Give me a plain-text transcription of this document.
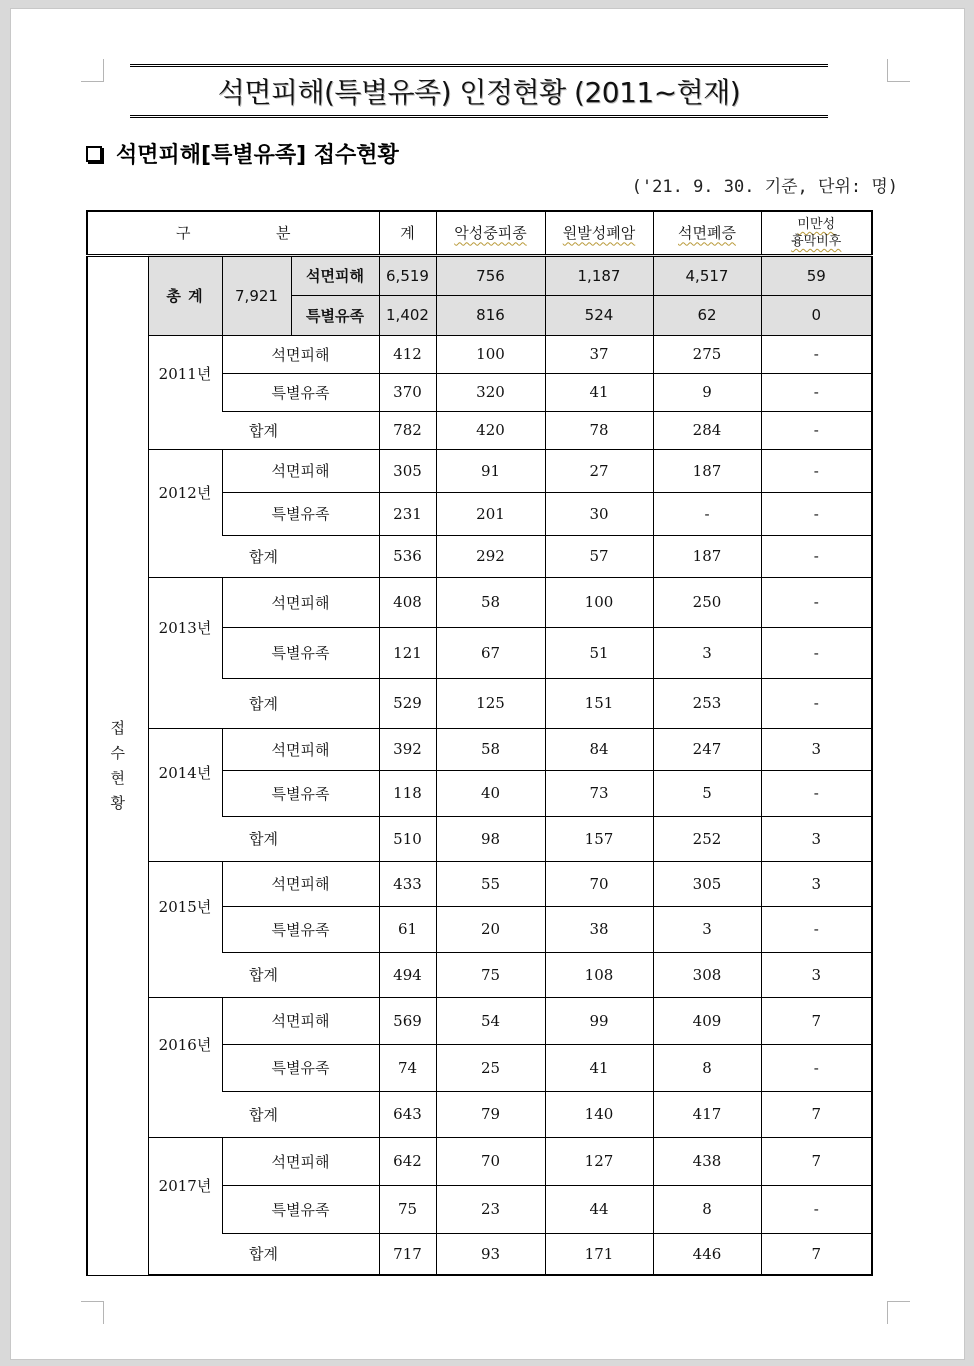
석면피해(특별유족) 인정현황 (2011~현재)
석면피해[특별유족] 접수현황
('21. 9. 30. 기준, 단위: 명)
구 분				계	악성중피종	원발성폐암	석면폐증	미만성
흉막비후

접
수
현
황	총 계	7,921	석면피해	6,519	756	1,187	4,517	59
			특별유족	1,402	816	524	62	0
	2011년	석면피해		412	100	37	275	-
		특별유족		370	320	41	9	-
	합계			782	420	78	284	-
	2012년	석면피해		305	91	27	187	-
		특별유족		231	201	30	-	-
	합계			536	292	57	187	-
	2013년	석면피해		408	58	100	250	-
		특별유족		121	67	51	3	-
	합계			529	125	151	253	-
	2014년	석면피해		392	58	84	247	3
		특별유족		118	40	73	5	-
	합계			510	98	157	252	3
	2015년	석면피해		433	55	70	305	3
		특별유족		61	20	38	3	-
	합계			494	75	108	308	3
	2016년	석면피해		569	54	99	409	7
		특별유족		74	25	41	8	-
	합계			643	79	140	417	7
	2017년	석면피해		642	70	127	438	7
		특별유족		75	23	44	8	-
	합계			717	93	171	446	7
